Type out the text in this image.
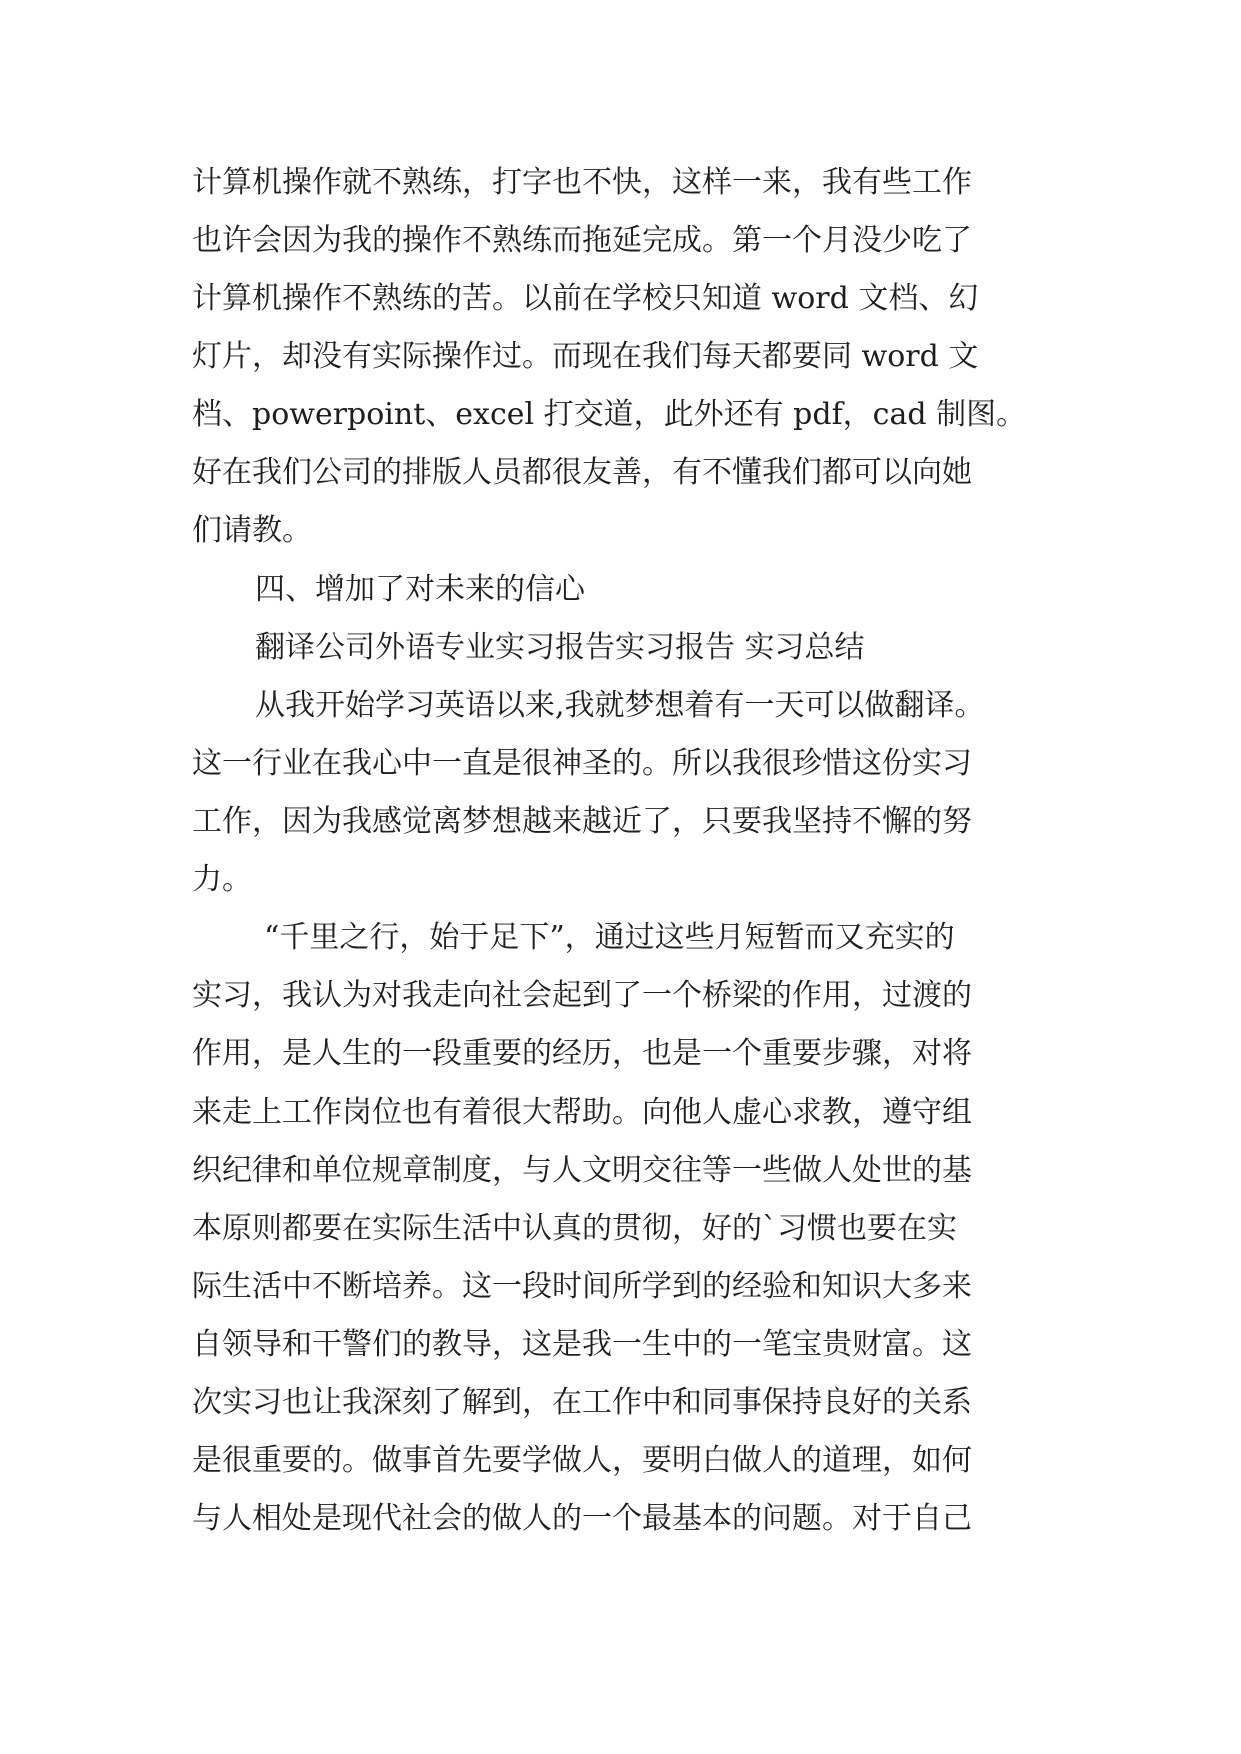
计算机操作就不熟练，打字也不快，这样一来，我有些工作
也许会因为我的操作不熟练而拖延完成。第一个月没少吃了
计算机操作不熟练的苦。以前在学校只知道 word 文档、幻
灯片，却没有实际操作过。而现在我们每天都要同 word 文
档、powerpoint、excel 打交道，此外还有 pdf，cad 制图。
好在我们公司的排版人员都很友善，有不懂我们都可以向她
们请教。
四、增加了对未来的信心
翻译公司外语专业实习报告实习报告 实习总结
从我开始学习英语以来,我就梦想着有一天可以做翻译。
这一行业在我心中一直是很神圣的。所以我很珍惜这份实习
工作，因为我感觉离梦想越来越近了，只要我坚持不懈的努
力。
“千里之行，始于足下”，通过这些月短暂而又充实的
实习，我认为对我走向社会起到了一个桥梁的作用，过渡的
作用，是人生的一段重要的经历，也是一个重要步骤，对将
来走上工作岗位也有着很大帮助。向他人虚心求教，遵守组
织纪律和单位规章制度，与人文明交往等一些做人处世的基
本原则都要在实际生活中认真的贯彻，好的`习惯也要在实
际生活中不断培养。这一段时间所学到的经验和知识大多来
自领导和干警们的教导，这是我一生中的一笔宝贵财富。这
次实习也让我深刻了解到，在工作中和同事保持良好的关系
是很重要的。做事首先要学做人，要明白做人的道理，如何
与人相处是现代社会的做人的一个最基本的问题。对于自己
